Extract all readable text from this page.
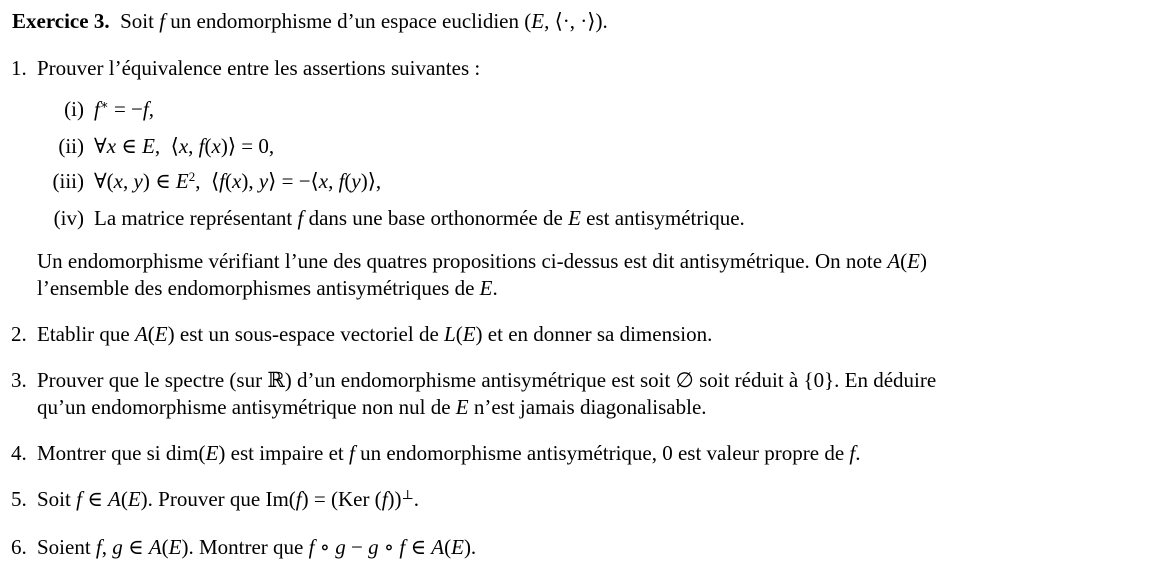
Exercice 3.  Soit f un endomorphisme d’un espace euclidien (E, ⟨·, ·⟩).

1. Prouver l’équivalence entre les assertions suivantes :
(i) f∗ = −f,
(ii) ∀x ∈ E,  ⟨x, f(x)⟩ = 0,
(iii) ∀(x, y) ∈ $E^2$,  ⟨f(x), y⟩ = −⟨x, f(y)⟩,
(iv) La matrice représentant f dans une base orthonormée de E est antisymétrique.
Un endomorphisme vérifiant l’une des quatres propositions ci-dessus est dit antisymétrique. On note A(E)
l’ensemble des endomorphismes antisymétriques de E.
2. Etablir que A(E) est un sous-espace vectoriel de L(E) et en donner sa dimension.
3. Prouver que le spectre (sur ℝ) d’un endomorphisme antisymétrique est soit ∅ soit réduit à {0}. En déduire
qu’un endomorphisme antisymétrique non nul de E n’est jamais diagonalisable.
4. Montrer que si dim(E) est impaire et f un endomorphisme antisymétrique, 0 est valeur propre de f.
5. Soit f ∈ A(E). Prouver que Im(f) = (Ker (f))⊥.
6. Soient f, g ∈ A(E). Montrer que f ∘ g − g ∘ f ∈ A(E).
